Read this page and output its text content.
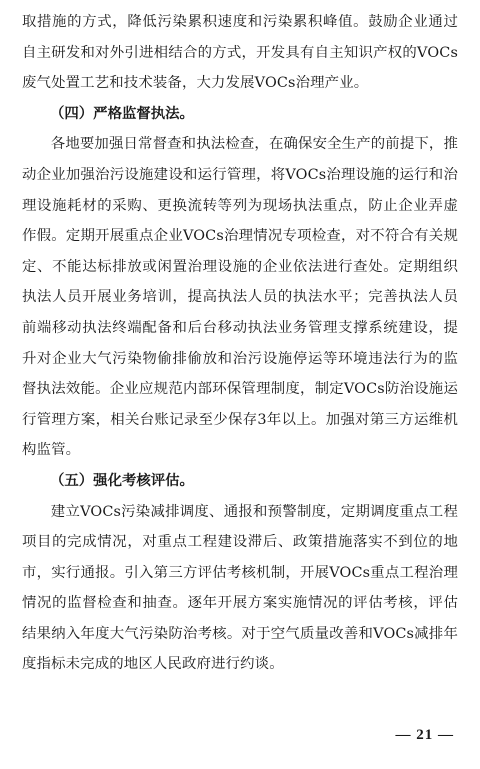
取措施的方式，降低污染累积速度和污染累积峰值。鼓励企业通过自主研发和对外引进相结合的方式，开发具有自主知识产权的VOCs废气处置工艺和技术装备，大力发展VOCs治理产业。

（四）严格监督执法。

各地要加强日常督查和执法检查，在确保安全生产的前提下，推动企业加强治污设施建设和运行管理，将VOCs治理设施的运行和治理设施耗材的采购、更换流转等列为现场执法重点，防止企业弄虚作假。定期开展重点企业VOCs治理情况专项检查，对不符合有关规定、不能达标排放或闲置治理设施的企业依法进行查处。定期组织执法人员开展业务培训，提高执法人员的执法水平；完善执法人员前端移动执法终端配备和后台移动执法业务管理支撑系统建设，提升对企业大气污染物偷排偷放和治污设施停运等环境违法行为的监督执法效能。企业应规范内部环保管理制度，制定VOCs防治设施运行管理方案，相关台账记录至少保存3年以上。加强对第三方运维机构监管。

（五）强化考核评估。

建立VOCs污染减排调度、通报和预警制度，定期调度重点工程项目的完成情况，对重点工程建设滞后、政策措施落实不到位的地市，实行通报。引入第三方评估考核机制，开展VOCs重点工程治理情况的监督检查和抽查。逐年开展方案实施情况的评估考核，评估结果纳入年度大气污染防治考核。对于空气质量改善和VOCs减排年度指标未完成的地区人民政府进行约谈。

— 21 —
